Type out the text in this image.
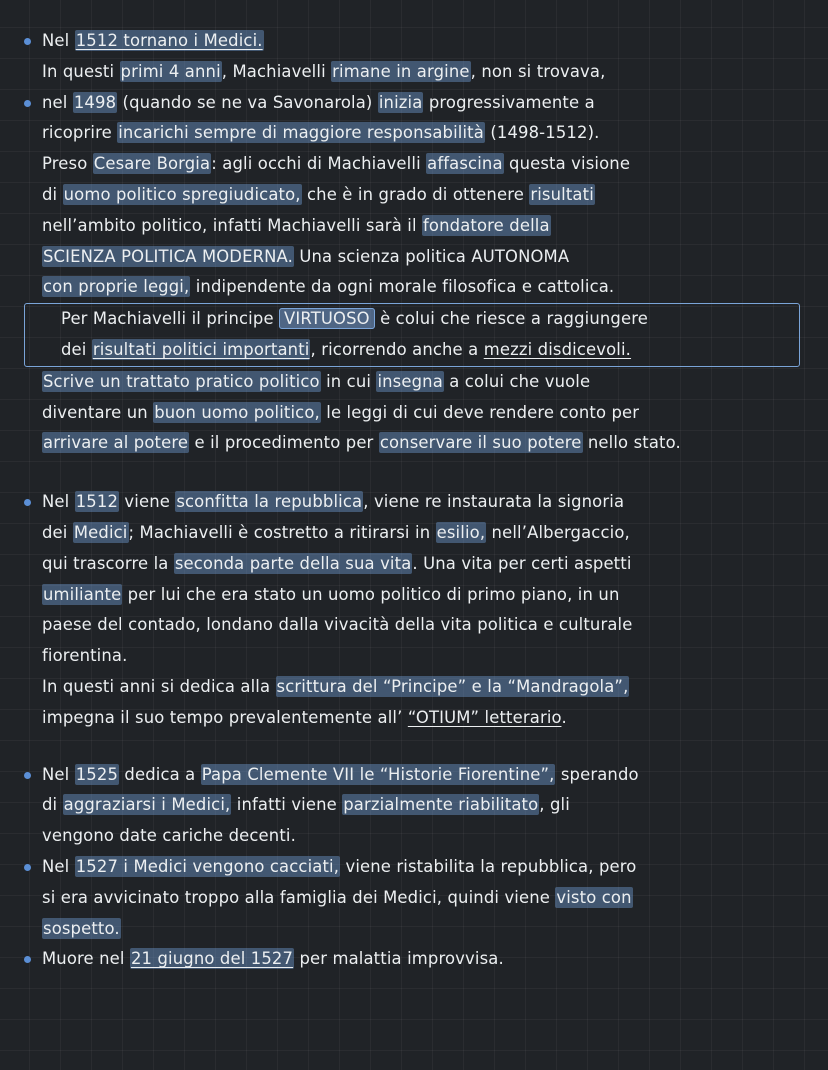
Nel 1512 tornano i Medici.
In questi primi 4 anni, Machiavelli rimane in argine, non si trovava,
nel 1498 (quando se ne va Savonarola) inizia progressivamente a
ricoprire incarichi sempre di maggiore responsabilità (1498-1512).
Preso Cesare Borgia: agli occhi di Machiavelli affascina questa visione
di uomo politico spregiudicato, che è in grado di ottenere risultati
nell’ambito politico, infatti Machiavelli sarà il fondatore della
SCIENZA POLITICA MODERNA. Una scienza politica AUTONOMA
con proprie leggi, indipendente da ogni morale filosofica e cattolica.
Per Machiavelli il principe VIRTUOSO è colui che riesce a raggiungere
dei risultati politici importanti, ricorrendo anche a mezzi disdicevoli.
Scrive un trattato pratico politico in cui insegna a colui che vuole
diventare un buon uomo politico, le leggi di cui deve rendere conto per
arrivare al potere e il procedimento per conservare il suo potere nello stato.
Nel 1512 viene sconfitta la repubblica, viene re instaurata la signoria
dei Medici; Machiavelli è costretto a ritirarsi in esilio, nell’Albergaccio,
qui trascorre la seconda parte della sua vita. Una vita per certi aspetti
umiliante per lui che era stato un uomo politico di primo piano, in un
paese del contado, londano dalla vivacità della vita politica e culturale
fiorentina.
In questi anni si dedica alla scrittura del “Principe” e la “Mandragola”,
impegna il suo tempo prevalentemente all’ “OTIUM” letterario.
Nel 1525 dedica a Papa Clemente VII le “Historie Fiorentine”, sperando
di aggraziarsi i Medici, infatti viene parzialmente riabilitato, gli
vengono date cariche decenti.
Nel 1527 i Medici vengono cacciati, viene ristabilita la repubblica, pero
si era avvicinato troppo alla famiglia dei Medici, quindi viene visto con
sospetto.
Muore nel 21 giugno del 1527 per malattia improvvisa.
